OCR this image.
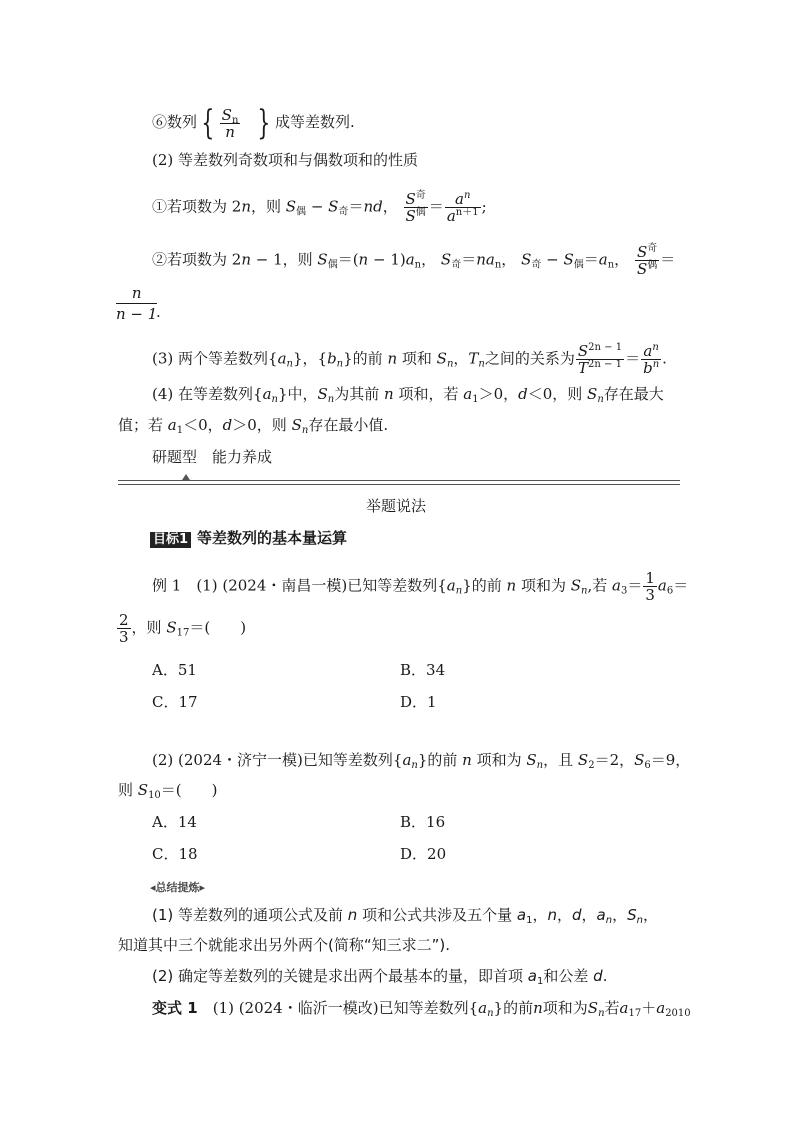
⑥数列 { $\frac{S_n}{n}$ } 成等差数列.
(2) 等差数列奇数项和与偶数项和的性质
①若项数为 2n，则 $S_偶 - S_奇=nd$， $\frac{S^奇}{S^偶} = \frac{a^n}{a^{n+1}}$ ;
②若项数为 2n − 1，则 $S_偶=(n - 1)a_n$， $S_奇=na_n$， $S_奇 - S_偶=a_n$， $\frac{S^奇}{S^偶}$ ＝
$\frac{n}{n - 1}$
.
(3) 两个等差数列$\{a_n\}$，$\{b_n\}$的前 n 项和 $S_n$，$T_n$之间的关系为 $\frac{S^{2n - 1}}{T^{2n - 1}} = \frac{a^n}{b^n}$ .
(4) 在等差数列$\{a_n\}$中，$S_n$为其前 n 项和，若 $a_1>0$，d＜0，则 $S_n$存在最大
值；若 $a_1<0$，d＞0，则 $S_n$存在最小值.
研题型　能力养成
举题说法
目标1 等差数列的基本量运算
例 1　 (1) (2024・南昌一模)已知等差数列$\{a_n\}$的前 n 项和为 $S_n$,若 $a_3= \frac{1}{3} a_6=$
$\frac{2}{3}$ ，则 $S_{17}=$(　　)
A．51	B．34
C．17	D．1
(2) (2024・济宁一模)已知等差数列$\{a_n\}$的前 n 项和为 $S_n$，且 $S_2=2$，$S_6=9$，
则 $S_{10}=$(　　)
A．14	B．16
C．18	D．20
◂总结提炼▸
(1) 等差数列的通项公式及前 n 项和公式共涉及五个量 $a_1$，n，d，$a_n$，$S_n$，
知道其中三个就能求出另外两个(简称“知三求二”).
(2) 确定等差数列的关键是求出两个最基本的量，即首项 $a_1$和公差 d.
变式 1　 (1) (2024・临沂一模改)已知等差数列$\{a_n\}$的前n项和为$S_n$若$a_{17}+a_{2010}$
